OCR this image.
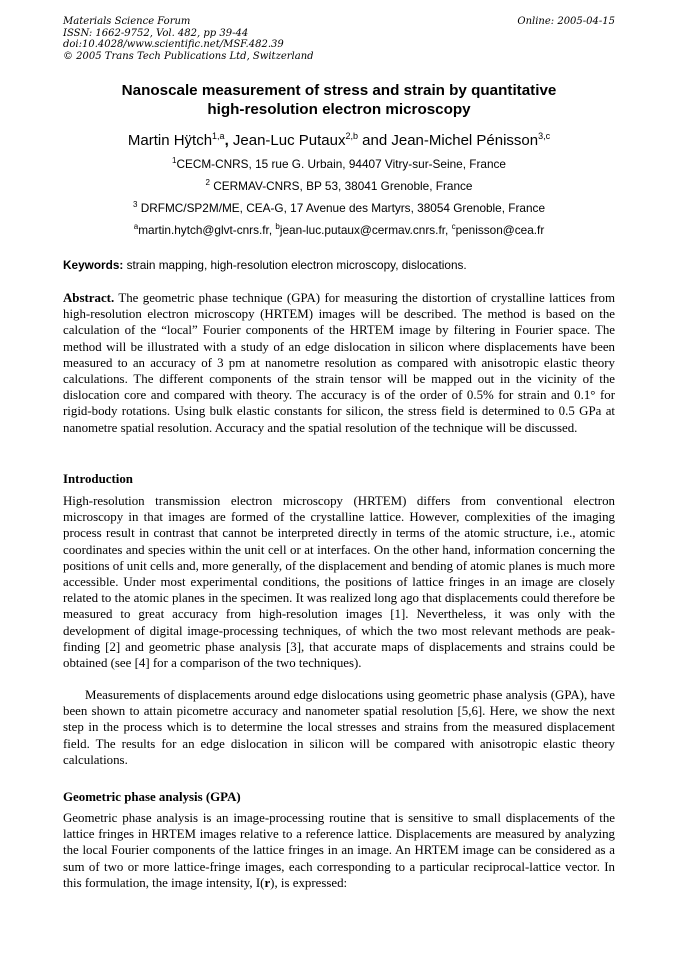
Materials Science Forum
ISSN: 1662-9752, Vol. 482, pp 39-44
doi:10.4028/www.scientific.net/MSF.482.39
© 2005 Trans Tech Publications Ltd, Switzerland
Online: 2005-04-15
Nanoscale measurement of stress and strain by quantitative
high-resolution electron microscopy
Martin Hÿtch$^{1,a}$, Jean-Luc Putaux$^{2,b}$ and Jean-Michel Pénisson$^{3,c}$
$^1$CECM-CNRS, 15 rue G. Urbain, 94407 Vitry-sur-Seine, France
$^2$ CERMAV-CNRS, BP 53, 38041 Grenoble, France
$^3$ DRFMC/SP2M/ME, CEA-G, 17 Avenue des Martyrs, 38054 Grenoble, France
$^a$martin.hytch@glvt-cnrs.fr, $^b$jean-luc.putaux@cermav.cnrs.fr, $^c$penisson@cea.fr
Keywords: strain mapping, high-resolution electron microscopy, dislocations.
Abstract. The geometric phase technique (GPA) for measuring the distortion of crystalline lattices from high-resolution electron microscopy (HRTEM) images will be described. The method is based on the calculation of the “local” Fourier components of the HRTEM image by filtering in Fourier space. The method will be illustrated with a study of an edge dislocation in silicon where displacements have been measured to an accuracy of 3 pm at nanometre resolution as compared with anisotropic elastic theory calculations. The different components of the strain tensor will be mapped out in the vicinity of the dislocation core and compared with theory. The accuracy is of the order of 0.5% for strain and 0.1° for rigid-body rotations. Using bulk elastic constants for silicon, the stress field is determined to 0.5 GPa at nanometre spatial resolution. Accuracy and the spatial resolution of the technique will be discussed.
Introduction
High-resolution transmission electron microscopy (HRTEM) differs from conventional electron microscopy in that images are formed of the crystalline lattice. However, complexities of the imaging process result in contrast that cannot be interpreted directly in terms of the atomic structure, i.e., atomic coordinates and species within the unit cell or at interfaces. On the other hand, information concerning the positions of unit cells and, more generally, of the displacement and bending of atomic planes is much more accessible. Under most experimental conditions, the positions of lattice fringes in an image are closely related to the atomic planes in the specimen. It was realized long ago that displacements could therefore be measured to great accuracy from high-resolution images [1]. Nevertheless, it was only with the development of digital image-processing techniques, of which the two most relevant methods are peak-finding [2] and geometric phase analysis [3], that accurate maps of displacements and strains could be obtained (see [4] for a comparison of the two techniques).
Measurements of displacements around edge dislocations using geometric phase analysis (GPA), have been shown to attain picometre accuracy and nanometer spatial resolution [5,6]. Here, we show the next step in the process which is to determine the local stresses and strains from the measured displacement field. The results for an edge dislocation in silicon will be compared with anisotropic elastic theory calculations.
Geometric phase analysis (GPA)
Geometric phase analysis is an image-processing routine that is sensitive to small displacements of the lattice fringes in HRTEM images relative to a reference lattice. Displacements are measured by analyzing the local Fourier components of the lattice fringes in an image. An HRTEM image can be considered as a sum of two or more lattice-fringe images, each corresponding to a particular reciprocal-lattice vector. In this formulation, the image intensity, I(r), is expressed:
